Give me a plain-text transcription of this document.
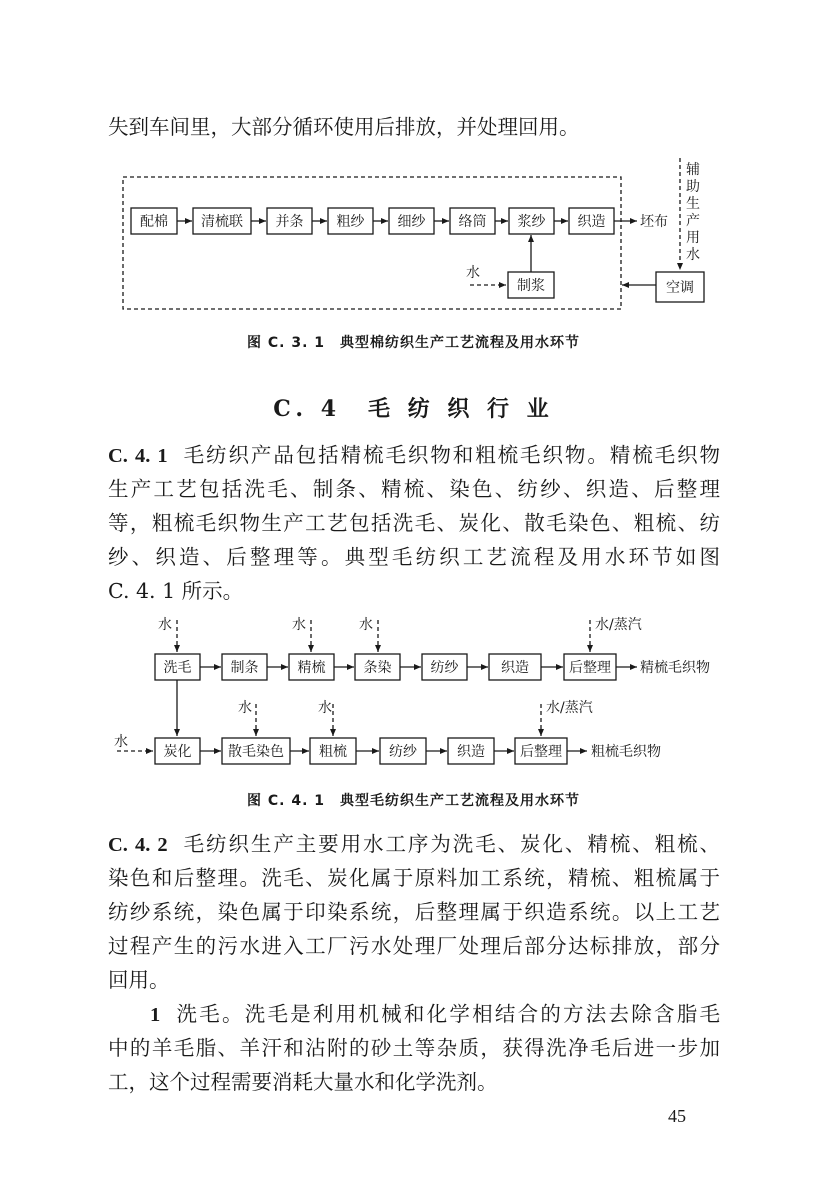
失到车间里，大部分循环使用后排放，并处理回用。

配棉 清梳联 并条 粗纱 细纱 络筒 浆纱 织造 坯布
制浆
水
空调
辅
助
生
产
用
水
洗毛	制条	精梳	条染	纺纱	织造	后整理 精梳毛织物
水	水	水	水/蒸汽
炭化	散毛染色	粗梳	纺纱	织造	后整理 粗梳毛织物
水
水	水	水/蒸汽
图 C. 3. 1　典型棉纺织生产工艺流程及用水环节
C. 4　毛 纺 织 行 业

C. 4. 1 毛纺织产品包括精梳毛织物和粗梳毛织物。精梳毛织物

生产工艺包括洗毛、制条、精梳、染色、纺纱、织造、后整理

等，粗梳毛织物生产工艺包括洗毛、炭化、散毛染色、粗梳、纺

纱、织造、后整理等。典型毛纺织工艺流程及用水环节如图

C. 4. 1 所示。

图 C. 4. 1　典型毛纺织生产工艺流程及用水环节

C. 4. 2 毛纺织生产主要用水工序为洗毛、炭化、精梳、粗梳、

染色和后整理。洗毛、炭化属于原料加工系统，精梳、粗梳属于

纺纱系统，染色属于印染系统，后整理属于织造系统。以上工艺

过程产生的污水进入工厂污水处理厂处理后部分达标排放，部分

回用。

1 洗毛。洗毛是利用机械和化学相结合的方法去除含脂毛

中的羊毛脂、羊汗和沾附的砂土等杂质，获得洗净毛后进一步加

工，这个过程需要消耗大量水和化学洗剂。

45
